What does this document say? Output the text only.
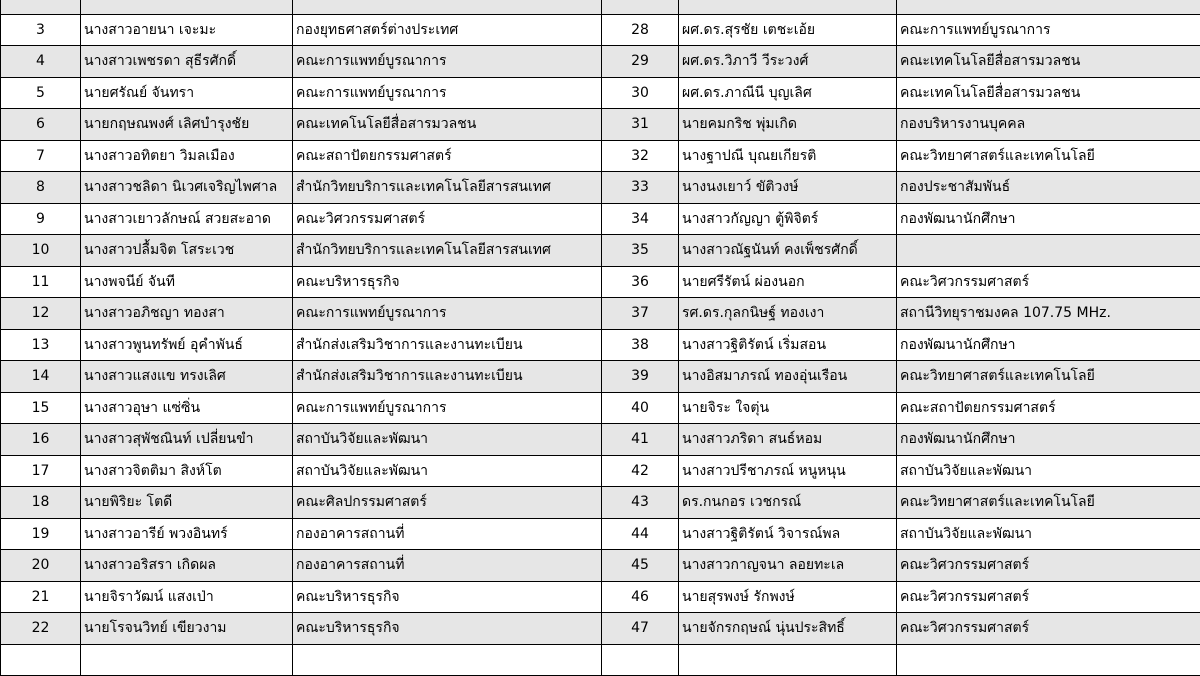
3	นางสาวอายนา เจะมะ	กองยุทธศาสตร์ต่างประเทศ	28	ผศ.ดร.สุรชัย เตชะเอ้ย	คณะการแพทย์บูรณาการ
4	นางสาวเพชรดา สุธีรศักดิ์	คณะการแพทย์บูรณาการ	29	ผศ.ดร.วิภาวี วีระวงศ์	คณะเทคโนโลยีสื่อสารมวลชน
5	นายศรัณย์ จันทรา	คณะการแพทย์บูรณาการ	30	ผศ.ดร.ภาณีนี บุญเลิศ	คณะเทคโนโลยีสื่อสารมวลชน
6	นายกฤษณพงศ์ เลิศบำรุงชัย	คณะเทคโนโลยีสื่อสารมวลชน	31	นายคมกริช พุ่มเกิด	กองบริหารงานบุคคล
7	นางสาวอทิตยา วิมลเมือง	คณะสถาปัตยกรรมศาสตร์	32	นางฐาปณี บุณยเกียรติ	คณะวิทยาศาสตร์และเทคโนโลยี
8	นางสาวชลิดา นิเวศเจริญไพศาล	สำนักวิทยบริการและเทคโนโลยีสารสนเทศ	33	นางนงเยาว์ ขัติวงษ์	กองประชาสัมพันธ์
9	นางสาวเยาวลักษณ์ สวยสะอาด	คณะวิศวกรรมศาสตร์	34	นางสาวกัญญา ตู้พิจิตร์	กองพัฒนานักศึกษา
10	นางสาวปลื้มจิต โสระเวช	สำนักวิทยบริการและเทคโนโลยีสารสนเทศ	35	นางสาวณัฐนันท์ คงเพ็ชรศักดิ์	
11	นางพจนีย์ จันที	คณะบริหารธุรกิจ	36	นายศรีรัตน์ ผ่องนอก	คณะวิศวกรรมศาสตร์
12	นางสาวอภิชญา ทองสา	คณะการแพทย์บูรณาการ	37	รศ.ดร.กุลกนิษฐ์ ทองเงา	สถานีวิทยุราชมงคล 107.75 MHz.
13	นางสาวพูนทรัพย์ อุคำพันธ์	สำนักส่งเสริมวิชาการและงานทะเบียน	38	นางสาวฐิติรัตน์ เริ่มสอน	กองพัฒนานักศึกษา
14	นางสาวแสงแข ทรงเลิศ	สำนักส่งเสริมวิชาการและงานทะเบียน	39	นางอิสมาภรณ์ ทองอุ่นเรือน	คณะวิทยาศาสตร์และเทคโนโลยี
15	นางสาวอุษา แซ่ซิ่น	คณะการแพทย์บูรณาการ	40	นายจิระ ใจตุ่น	คณะสถาปัตยกรรมศาสตร์
16	นางสาวสุพัชณินท์ เปลี่ยนขำ	สถาบันวิจัยและพัฒนา	41	นางสาวภริดา สนธ์หอม	กองพัฒนานักศึกษา
17	นางสาวจิตติมา สิงห์โต	สถาบันวิจัยและพัฒนา	42	นางสาวปรีชาภรณ์ หนูหนุน	สถาบันวิจัยและพัฒนา
18	นายพิริยะ โตดี	คณะศิลปกรรมศาสตร์	43	ดร.กนกอร เวชกรณ์	คณะวิทยาศาสตร์และเทคโนโลยี
19	นางสาวอารีย์ พวงอินทร์	กองอาคารสถานที่	44	นางสาวฐิติรัตน์ วิจารณ์พล	สถาบันวิจัยและพัฒนา
20	นางสาวอริสรา เกิดผล	กองอาคารสถานที่	45	นางสาวกาญจนา ลอยทะเล	คณะวิศวกรรมศาสตร์
21	นายจิราวัฒน์ แสงเป่า	คณะบริหารธุรกิจ	46	นายสุรพงษ์ รักพงษ์	คณะวิศวกรรมศาสตร์
22	นายโรจนวิทย์ เขียวงาม	คณะบริหารธุรกิจ	47	นายจักรกฤษณ์ นุ่นประสิทธิ์	คณะวิศวกรรมศาสตร์
